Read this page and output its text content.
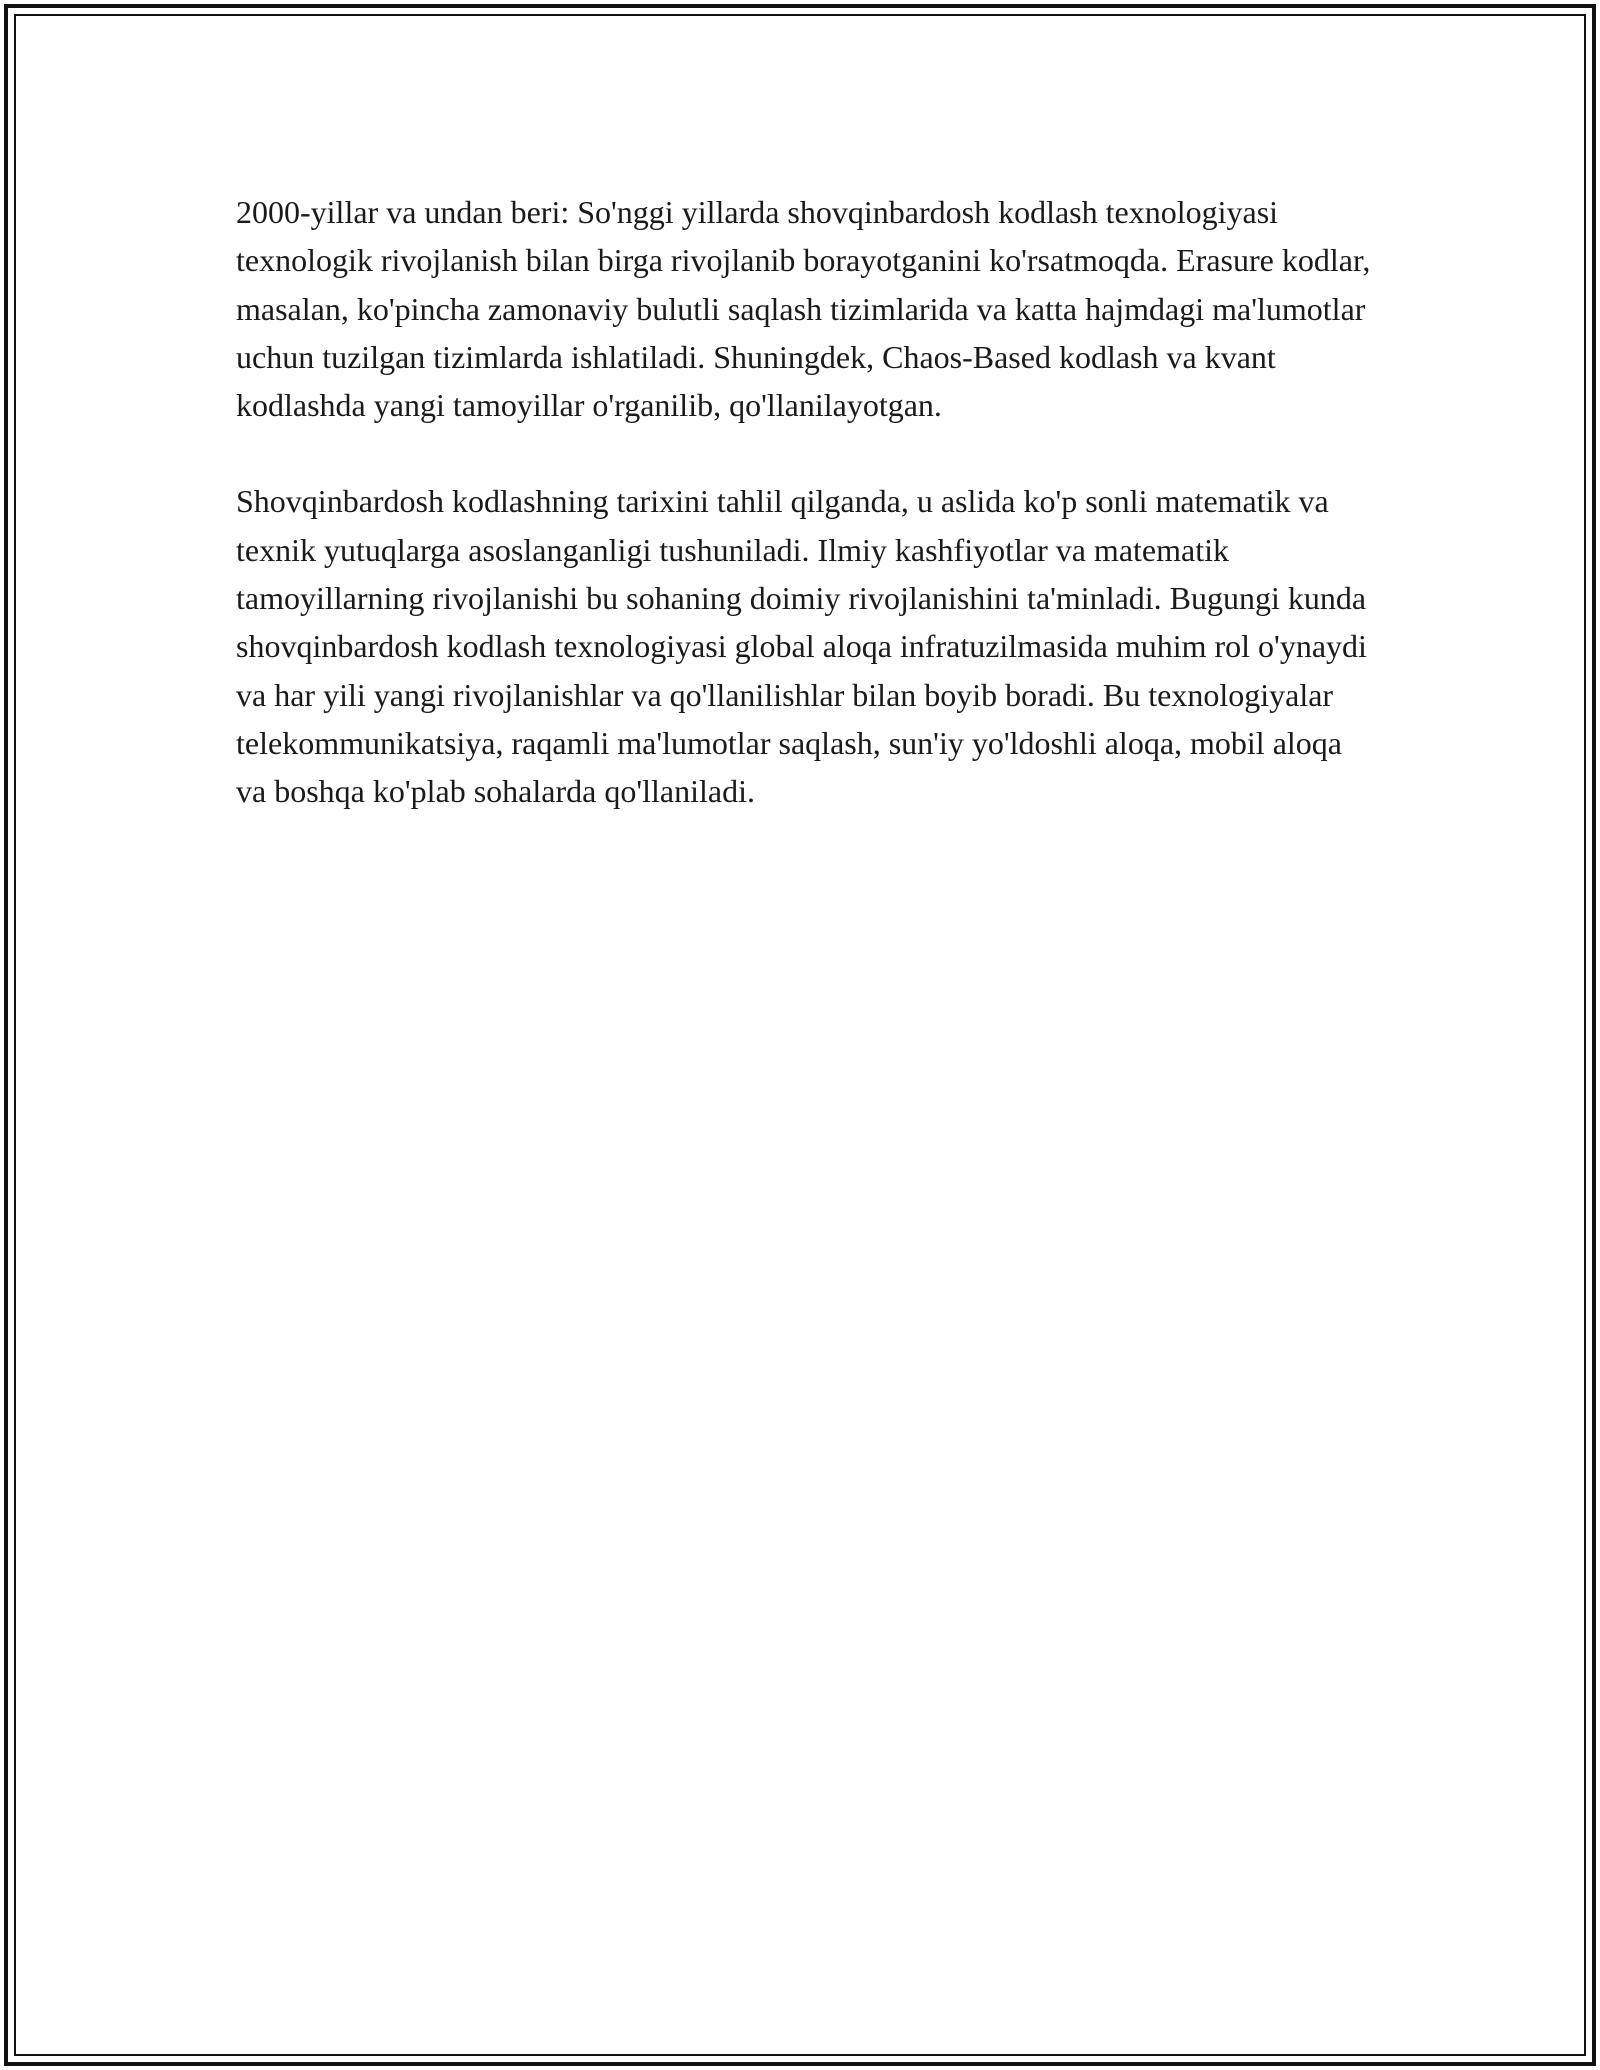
2000-yillar va undan beri: So'nggi yillarda shovqinbardosh kodlash texnologiyasi texnologik rivojlanish bilan birga rivojlanib borayotganini ko'rsatmoqda. Erasure kodlar, masalan, ko'pincha zamonaviy bulutli saqlash tizimlarida va katta hajmdagi ma'lumotlar uchun tuzilgan tizimlarda ishlatiladi. Shuningdek, Chaos-Based kodlash va kvant kodlashda yangi tamoyillar o'rganilib, qo'llanilayotgan.

Shovqinbardosh kodlashning tarixini tahlil qilganda, u aslida ko'p sonli matematik va texnik yutuqlarga asoslanganligi tushuniladi. Ilmiy kashfiyotlar va matematik tamoyillarning rivojlanishi bu sohaning doimiy rivojlanishini ta'minladi. Bugungi kunda shovqinbardosh kodlash texnologiyasi global aloqa infratuzilmasida muhim rol o'ynaydi va har yili yangi rivojlanishlar va qo'llanilishlar bilan boyib boradi. Bu texnologiyalar telekommunikatsiya, raqamli ma'lumotlar saqlash, sun'iy yo'ldoshli aloqa, mobil aloqa va boshqa ko'plab sohalarda qo'llaniladi.
